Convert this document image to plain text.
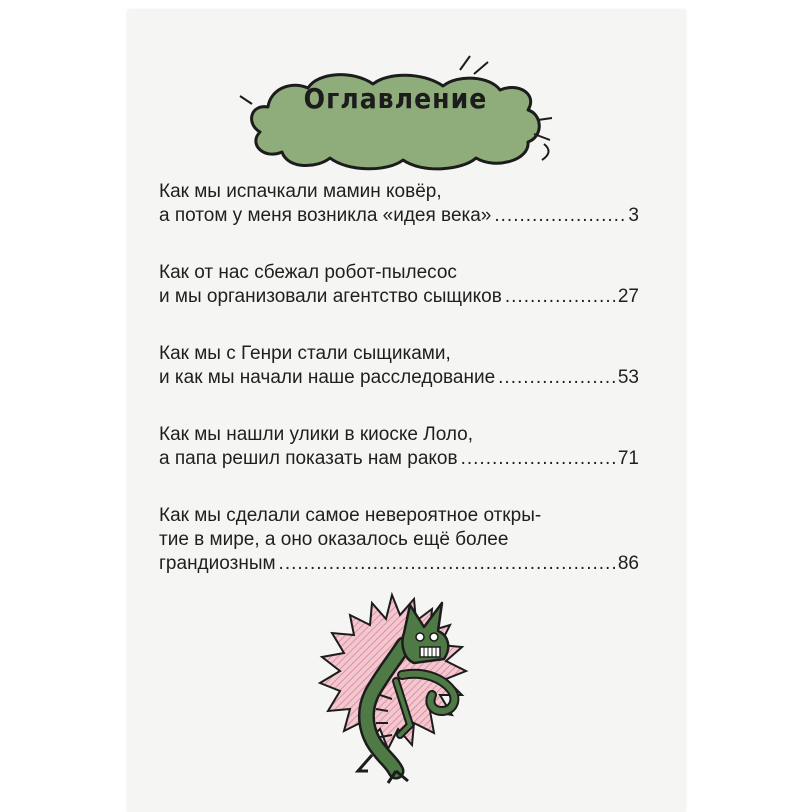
Оглавление
Как мы испачкали мамин ковёр,
а потом у меня возникла «идея века» .....	3
Как от нас сбежал робот-пылесос
и мы организовали агентство сыщиков .....	27
Как мы с Генри стали сыщиками,
и как мы начали наше расследование .....	53
Как мы нашли улики в киоске Лоло,
а папа решил показать нам раков .....	71
Как мы сделали самое невероятное откры-
тие в мире, а оно оказалось ещё более
грандиозным .....	86
